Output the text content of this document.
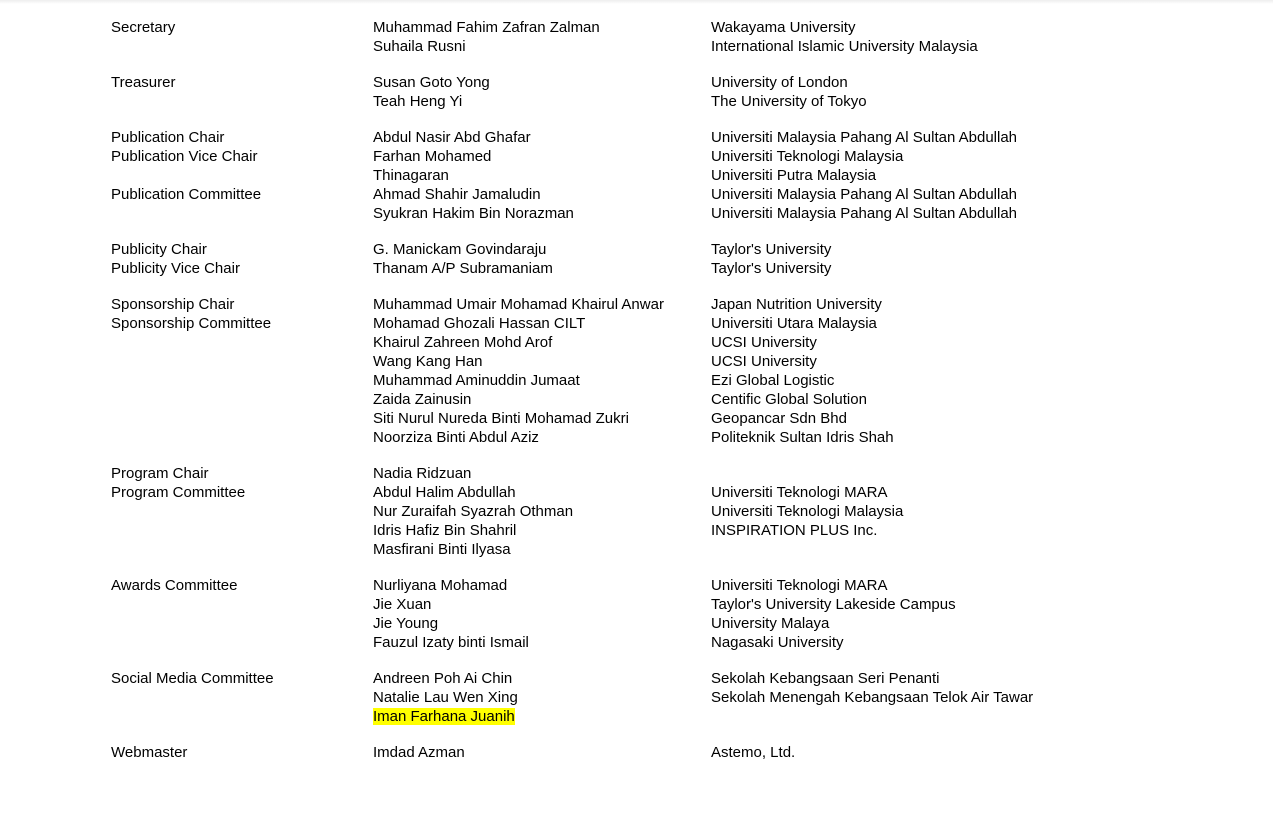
Secretary	Muhammad Fahim Zafran Zalman	Wakayama University
Suhaila Rusni	International Islamic University Malaysia
Treasurer	Susan Goto Yong	University of London
Teah Heng Yi	The University of Tokyo
Publication Chair	Abdul Nasir Abd Ghafar	Universiti Malaysia Pahang Al Sultan Abdullah
Publication Vice Chair	Farhan Mohamed	Universiti Teknologi Malaysia
Thinagaran	Universiti Putra Malaysia
Publication Committee	Ahmad Shahir Jamaludin	Universiti Malaysia Pahang Al Sultan Abdullah
Syukran Hakim Bin Norazman	Universiti Malaysia Pahang Al Sultan Abdullah
Publicity Chair	G. Manickam Govindaraju	Taylor's University
Publicity Vice Chair	Thanam A/P Subramaniam	Taylor's University
Sponsorship Chair	Muhammad Umair Mohamad Khairul Anwar	Japan Nutrition University
Sponsorship Committee	Mohamad Ghozali Hassan CILT	Universiti Utara Malaysia
Khairul Zahreen Mohd Arof	UCSI University
Wang Kang Han	UCSI University
Muhammad Aminuddin Jumaat	Ezi Global Logistic
Zaida Zainusin	Centific Global Solution
Siti Nurul Nureda Binti Mohamad Zukri	Geopancar Sdn Bhd
Noorziza Binti Abdul Aziz	Politeknik Sultan Idris Shah
Program Chair	Nadia Ridzuan
Program Committee	Abdul Halim Abdullah	Universiti Teknologi MARA
Nur Zuraifah Syazrah Othman	Universiti Teknologi Malaysia
Idris Hafiz Bin Shahril	INSPIRATION PLUS Inc.
Masfirani Binti Ilyasa
Awards Committee	Nurliyana Mohamad	Universiti Teknologi MARA
Jie Xuan	Taylor's University Lakeside Campus
Jie Young	University Malaya
Fauzul Izaty binti Ismail	Nagasaki University
Social Media Committee	Andreen Poh Ai Chin	Sekolah Kebangsaan Seri Penanti
Natalie Lau Wen Xing	Sekolah Menengah Kebangsaan Telok Air Tawar
Iman Farhana Juanih
Webmaster	Imdad Azman	Astemo, Ltd.
